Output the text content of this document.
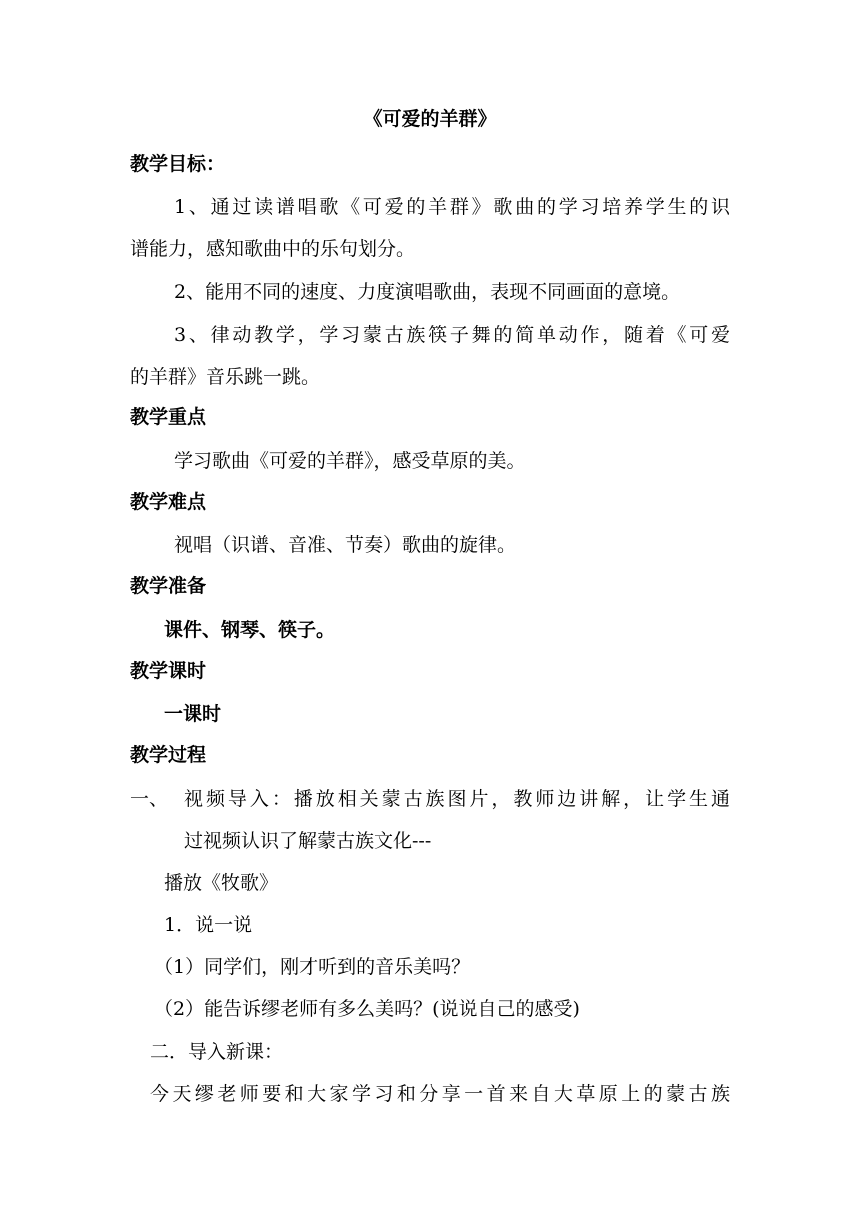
《可爱的羊群》
教学目标：
1、通过读谱唱歌《可爱的羊群》歌曲的学习培养学生的识
谱能力，感知歌曲中的乐句划分。
2、能用不同的速度、力度演唱歌曲，表现不同画面的意境。
3、律动教学，学习蒙古族筷子舞的简单动作，随着《可爱
的羊群》音乐跳一跳。
教学重点
学习歌曲《可爱的羊群》，感受草原的美。
教学难点
视唱（识谱、音准、节奏）歌曲的旋律。
教学准备
课件、钢琴、筷子。
教学课时
一课时
教学过程
一、 视频导入：播放相关蒙古族图片，教师边讲解，让学生通
过视频认识了解蒙古族文化---
播放《牧歌》
1．说一说
（1）同学们，刚才听到的音乐美吗？
（2）能告诉缪老师有多么美吗？(说说自己的感受)
二．导入新课：
今天缪老师要和大家学习和分享一首来自大草原上的蒙古族
